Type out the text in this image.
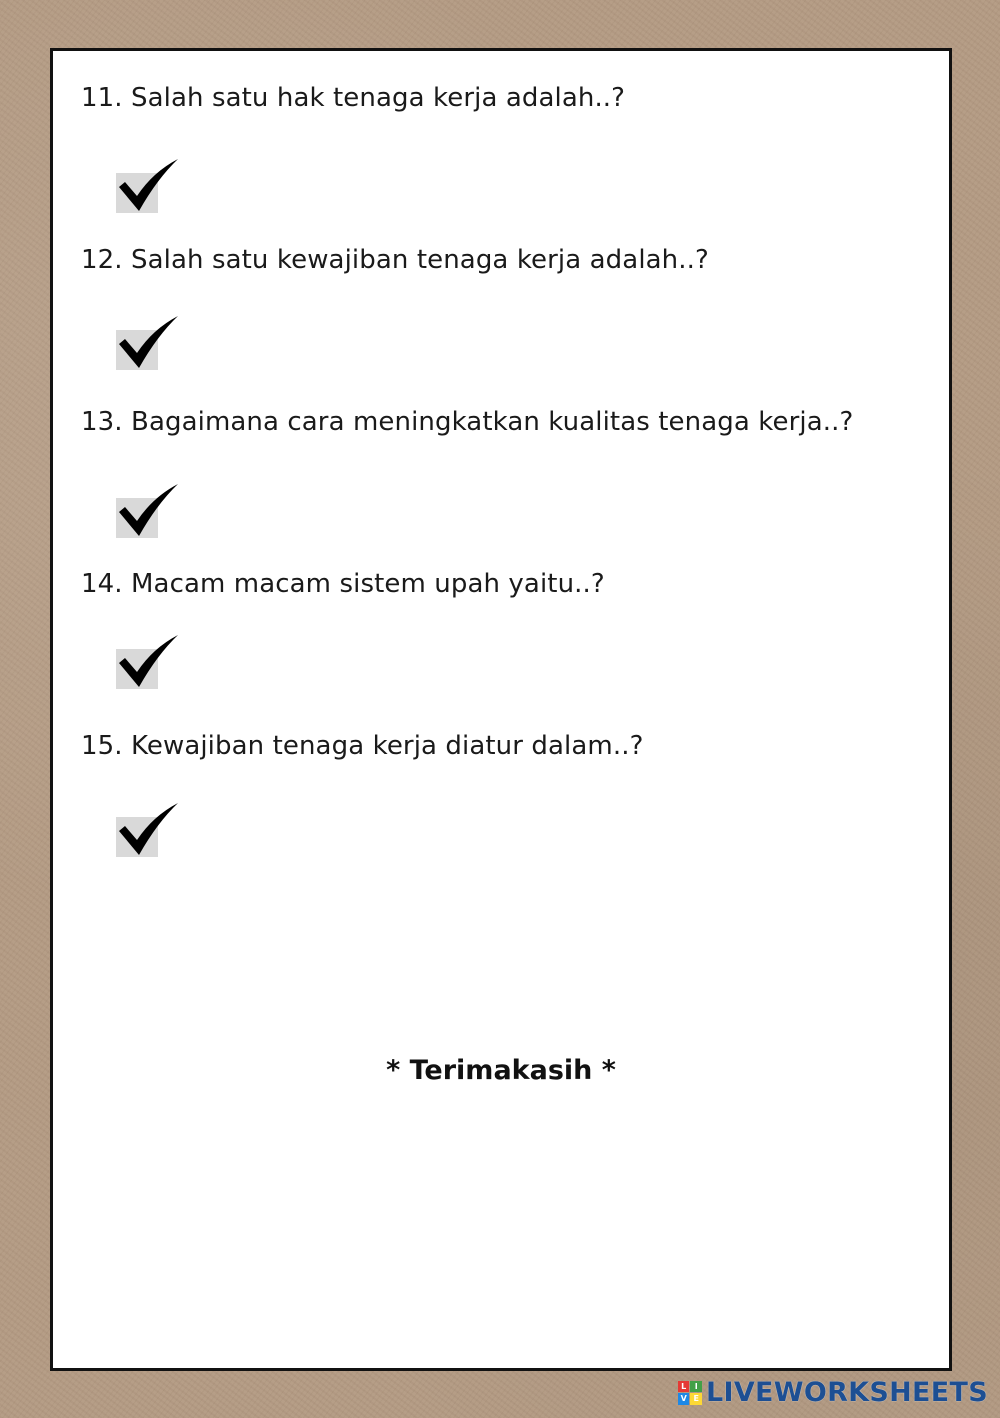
11. Salah satu hak tenaga kerja adalah..?
12. Salah satu kewajiban tenaga kerja adalah..?
13. Bagaimana cara meningkatkan kualitas tenaga kerja..?
14. Macam macam sistem upah yaitu..?
15. Kewajiban tenaga kerja diatur dalam..?
* Terimakasih *
L	I
V E LIVEWORKSHEETS
